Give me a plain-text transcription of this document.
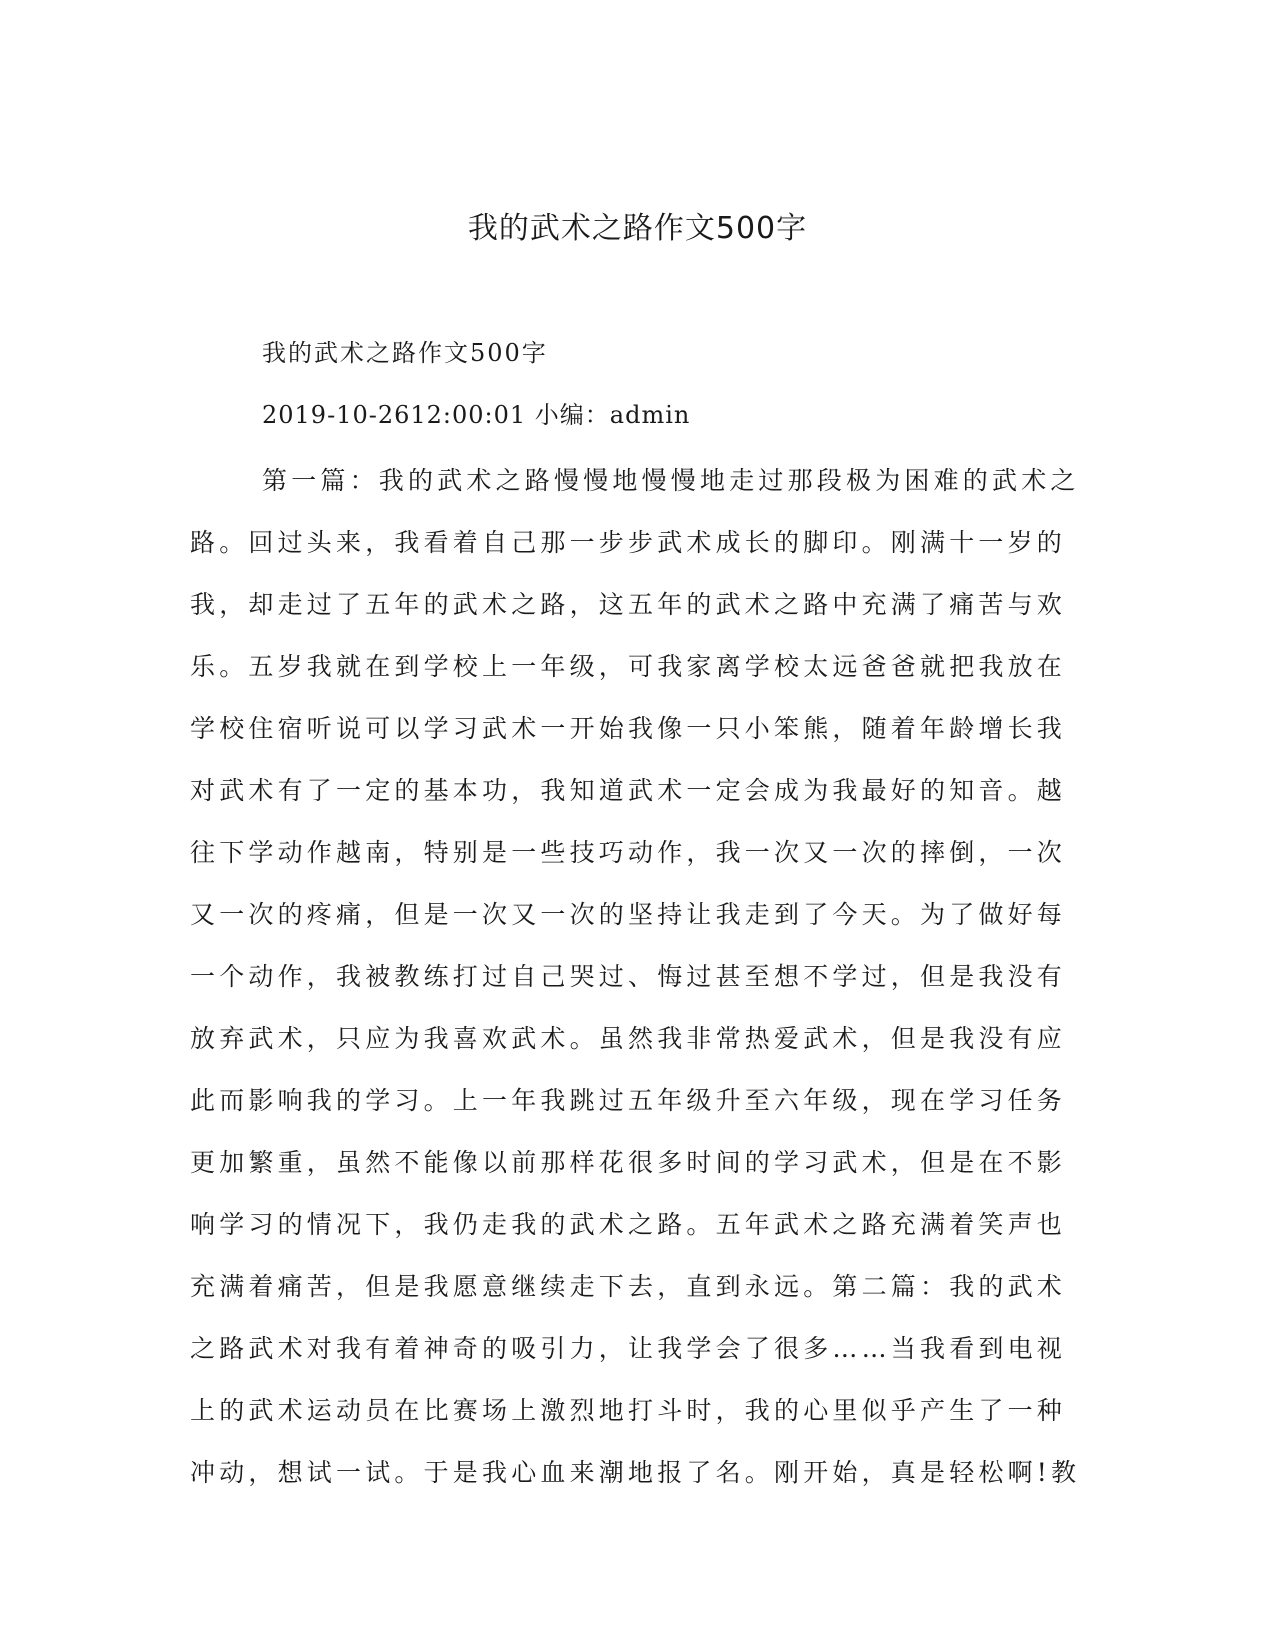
我的武术之路作文500字
我的武术之路作文500字
2019-10-2612:00:01 小编：admin
第一篇：我的武术之路慢慢地慢慢地走过那段极为困难的武术之
路。回过头来，我看着自己那一步步武术成长的脚印。刚满十一岁的
我，却走过了五年的武术之路，这五年的武术之路中充满了痛苦与欢
乐。五岁我就在到学校上一年级，可我家离学校太远爸爸就把我放在
学校住宿听说可以学习武术一开始我像一只小笨熊，随着年龄增长我
对武术有了一定的基本功，我知道武术一定会成为我最好的知音。越
往下学动作越南，特别是一些技巧动作，我一次又一次的摔倒，一次
又一次的疼痛，但是一次又一次的坚持让我走到了今天。为了做好每
一个动作，我被教练打过自己哭过、悔过甚至想不学过，但是我没有
放弃武术，只应为我喜欢武术。虽然我非常热爱武术，但是我没有应
此而影响我的学习。上一年我跳过五年级升至六年级，现在学习任务
更加繁重，虽然不能像以前那样花很多时间的学习武术，但是在不影
响学习的情况下，我仍走我的武术之路。五年武术之路充满着笑声也
充满着痛苦，但是我愿意继续走下去，直到永远。第二篇：我的武术
之路武术对我有着神奇的吸引力，让我学会了很多……当我看到电视
上的武术运动员在比赛场上激烈地打斗时，我的心里似乎产生了一种
冲动，想试一试。于是我心血来潮地报了名。刚开始，真是轻松啊!教
